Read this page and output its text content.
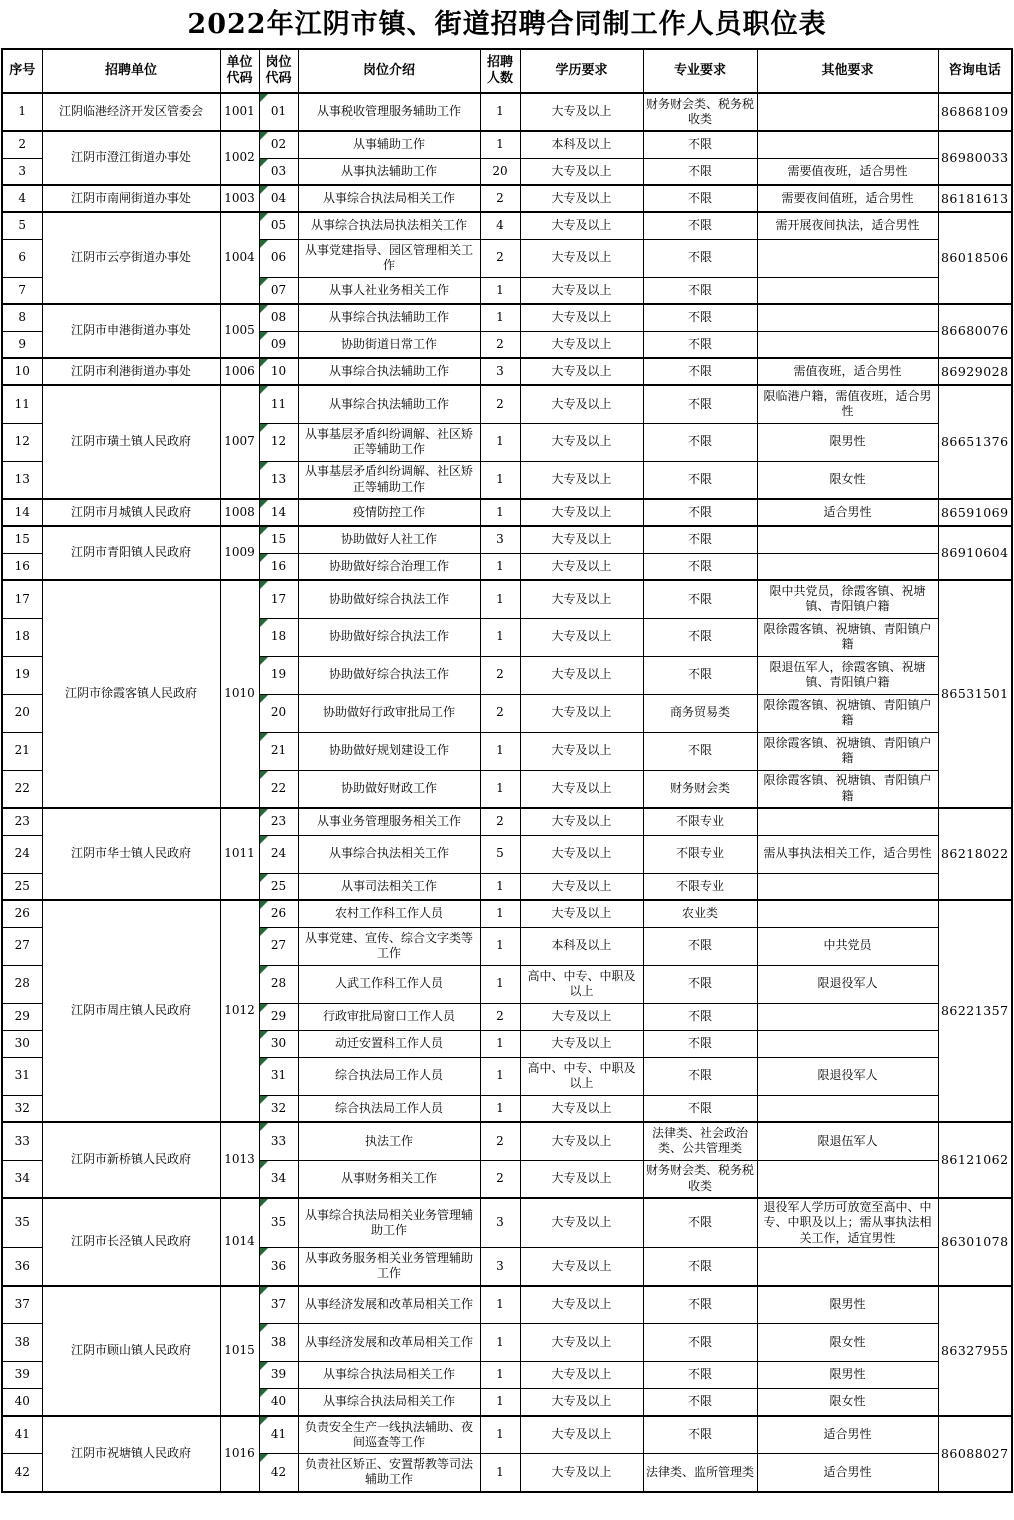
2022年江阴市镇、街道招聘合同制工作人员职位表
序号	招聘单位	单位代码	岗位代码	岗位介绍	招聘人数	学历要求	专业要求	其他要求	咨询电话
1	江阴临港经济开发区管委会	1001	01	从事税收管理服务辅助工作	1	大专及以上	财务财会类、税务税收类		86868109
2	江阴市澄江街道办事处	1002	02	从事辅助工作	1	本科及以上	不限		86980033
3			03	从事执法辅助工作	20	大专及以上	不限	需要值夜班，适合男性	
4	江阴市南闸街道办事处	1003	04	从事综合执法局相关工作	2	大专及以上	不限	需要夜间值班，适合男性	86181613
5	江阴市云亭街道办事处	1004	05	从事综合执法局执法相关工作	4	大专及以上	不限	需开展夜间执法，适合男性	86018506
6			06	从事党建指导、园区管理相关工作	2	大专及以上	不限		
7			07	从事人社业务相关工作	1	大专及以上	不限		
8	江阴市申港街道办事处	1005	08	从事综合执法辅助工作	1	大专及以上	不限		86680076
9			09	协助街道日常工作	2	大专及以上	不限		
10	江阴市利港街道办事处	1006	10	从事综合执法辅助工作	3	大专及以上	不限	需值夜班，适合男性	86929028
11	江阴市璜土镇人民政府	1007	11	从事综合执法辅助工作	2	大专及以上	不限	限临港户籍，需值夜班，适合男性	86651376
12			12	从事基层矛盾纠纷调解、社区矫正等辅助工作	1	大专及以上	不限	限男性	
13			13	从事基层矛盾纠纷调解、社区矫正等辅助工作	1	大专及以上	不限	限女性	
14	江阴市月城镇人民政府	1008	14	疫情防控工作	1	大专及以上	不限	适合男性	86591069
15	江阴市青阳镇人民政府	1009	15	协助做好人社工作	3	大专及以上	不限		86910604
16			16	协助做好综合治理工作	1	大专及以上	不限		
17	江阴市徐霞客镇人民政府	1010	17	协助做好综合执法工作	1	大专及以上	不限	限中共党员，徐霞客镇、祝塘镇、青阳镇户籍	86531501
18			18	协助做好综合执法工作	1	大专及以上	不限	限徐霞客镇、祝塘镇、青阳镇户籍	
19			19	协助做好综合执法工作	2	大专及以上	不限	限退伍军人，徐霞客镇、祝塘镇、青阳镇户籍	
20			20	协助做好行政审批局工作	2	大专及以上	商务贸易类	限徐霞客镇、祝塘镇、青阳镇户籍	
21			21	协助做好规划建设工作	1	大专及以上	不限	限徐霞客镇、祝塘镇、青阳镇户籍	
22			22	协助做好财政工作	1	大专及以上	财务财会类	限徐霞客镇、祝塘镇、青阳镇户籍	
23	江阴市华士镇人民政府	1011	23	从事业务管理服务相关工作	2	大专及以上	不限专业		86218022
24			24	从事综合执法相关工作	5	大专及以上	不限专业	需从事执法相关工作，适合男性	
25			25	从事司法相关工作	1	大专及以上	不限专业		
26	江阴市周庄镇人民政府	1012	26	农村工作科工作人员	1	大专及以上	农业类		86221357
27			27	从事党建、宣传、综合文字类等工作	1	本科及以上	不限	中共党员	
28			28	人武工作科工作人员	1	高中、中专、中职及以上	不限	限退役军人	
29			29	行政审批局窗口工作人员	2	大专及以上	不限		
30			30	动迁安置科工作人员	1	大专及以上	不限		
31			31	综合执法局工作人员	1	高中、中专、中职及以上	不限	限退役军人	
32			32	综合执法局工作人员	1	大专及以上	不限		
33	江阴市新桥镇人民政府	1013	33	执法工作	2	大专及以上	法律类、社会政治类、公共管理类	限退伍军人	86121062
34			34	从事财务相关工作	2	大专及以上	财务财会类、税务税收类		
35	江阴市长泾镇人民政府	1014	35	从事综合执法局相关业务管理辅助工作	3	大专及以上	不限	退役军人学历可放宽至高中、中专、中职及以上；需从事执法相关工作，适宜男性	86301078
36			36	从事政务服务相关业务管理辅助工作	3	大专及以上	不限		
37	江阴市顾山镇人民政府	1015	37	从事经济发展和改革局相关工作	1	大专及以上	不限	限男性	86327955
38			38	从事经济发展和改革局相关工作	1	大专及以上	不限	限女性	
39			39	从事综合执法局相关工作	1	大专及以上	不限	限男性	
40			40	从事综合执法局相关工作	1	大专及以上	不限	限女性	
41	江阴市祝塘镇人民政府	1016	41	负责安全生产一线执法辅助、夜间巡查等工作	1	大专及以上	不限	适合男性	86088027
42			42	负责社区矫正、安置帮教等司法辅助工作	1	大专及以上	法律类、监所管理类	适合男性	
